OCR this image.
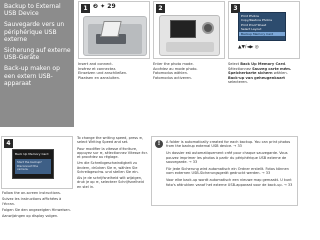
Backup to External USB Device

Sauvegarde vers un périphérique USB externe

Sicherung auf externe USB-Geräte

Back-up maken op een extern USB-apparaat

1 ❷ ✦ 29
Insert and connect.
Insérez et connectez.
Einsetzen und anschließen.
Plaatsen en aansluiten.
2
Enter the photo mode.
Accédez au mode photo.
Fotomodus wählen.
Fotomodus activeren.
3
Print Photos
Copy/Restore Photos
Print Proof Sheet
Select Layout
Backup Memory Card
▲▼/◄▶ ◎
Select Back Up Memory Card.
Sélectionnez Sauveg carte mém.
Speicherkarte sichern wählen.
Back-up van geheugenkaart selecteren.
4
Back Up Memory Card
Start the backup? Disconnect the camera.

Follow the on-screen instructions.

Suivez les instructions affichées à l'écran.

Folgen Sie den angezeigten Hinweisen.

Aanwijzingen op display volgen.

To change the writing speed, press ≡, select Writing Speed and set.

Pour modifier la vitesse d'écriture, appuyez sur ≡, sélectionnez Vitesse écr. et procédez au réglage.

Um die Schreibgeschwindigkeit zu ändern, drücken Sie ≡, wählen Sie Schreibgeschw. und stellen Sie ein.

Als je de schrijfsnelheid wilt wijzigen, druk je op ≡, selecteer Schrijfsnelheid en stel in.

!	A folder is automatically created for each backup. You can print photos from the backup external USB device. → 33

Un dossier est automatiquement créé pour chaque sauvegarde. Vous pouvez imprimer les photos à partir du périphérique USB externe de sauvegarde. → 33

Für jede Sicherung wird automatisch ein Ordner erstellt. Fotos können vom externen USB-Sicherungsgerät gedruckt werden. → 33

Voor elke back-up wordt automatisch een nieuwe map gemaakt. U kunt foto's afdrukken vanaf het externe USB-apparaat voor de back-up. → 33
